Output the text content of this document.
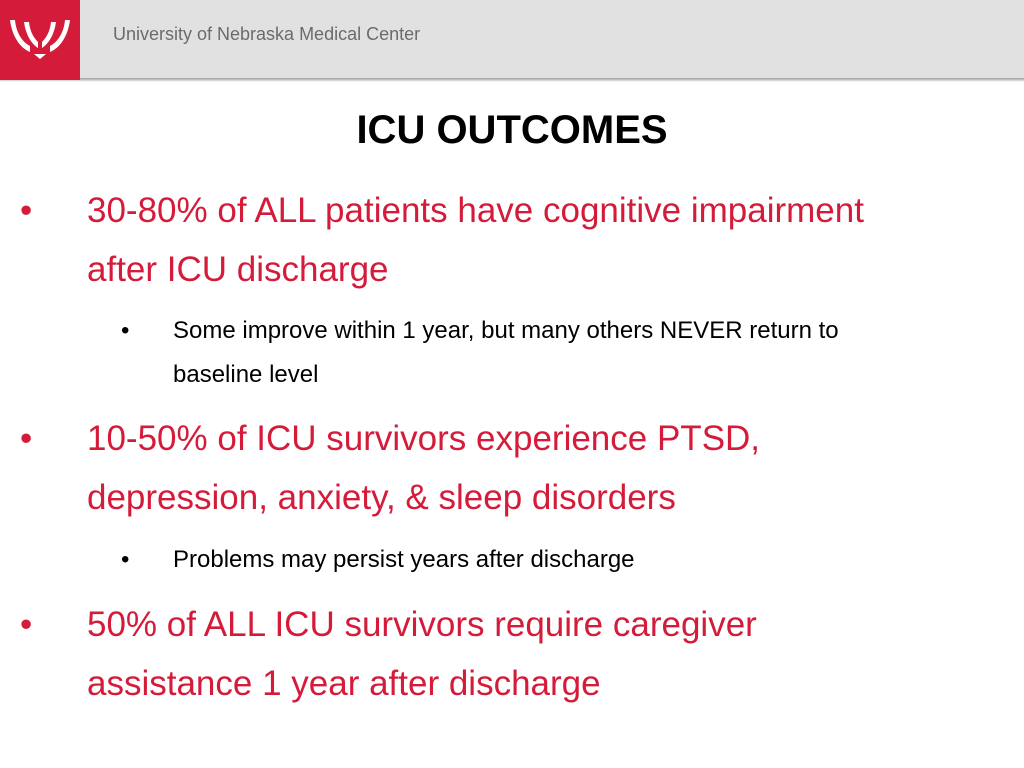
University of Nebraska Medical Center
ICU OUTCOMES
• 30-80% of ALL patients have cognitive impairment
after ICU discharge
• Some improve within 1 year, but many others NEVER return to
baseline level
• 10-50% of ICU survivors experience PTSD,
depression, anxiety, & sleep disorders
• Problems may persist years after discharge
• 50% of ALL ICU survivors require caregiver
assistance 1 year after discharge
